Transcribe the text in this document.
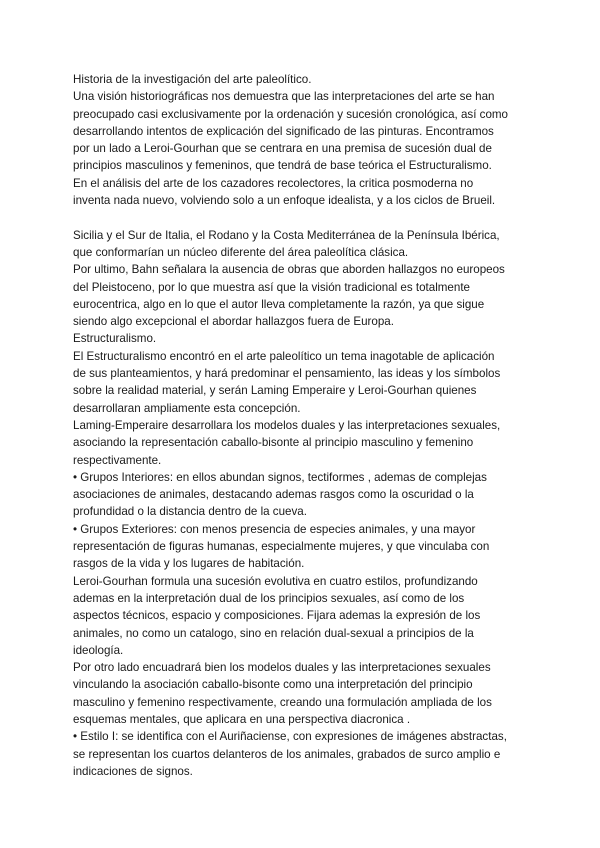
Historia de la investigación del arte paleolítico.
Una visión historiográficas nos demuestra que las interpretaciones del arte se han
preocupado casi exclusivamente por la ordenación y sucesión cronológica, así como
desarrollando intentos de explicación del significado de las pinturas. Encontramos
por un lado a Leroi-Gourhan que se centrara en una premisa de sucesión dual de
principios masculinos y femeninos, que tendrá de base teórica el Estructuralismo.
En el análisis del arte de los cazadores recolectores, la critica posmoderna no
inventa nada nuevo, volviendo solo a un enfoque idealista, y a los ciclos de Brueil.
Sicilia y el Sur de Italia, el Rodano y la Costa Mediterránea de la Península Ibérica,
que conformarían un núcleo diferente del área paleolítica clásica.
Por ultimo, Bahn señalara la ausencia de obras que aborden hallazgos no europeos
del Pleistoceno, por lo que muestra así que la visión tradicional es totalmente
eurocentrica, algo en lo que el autor lleva completamente la razón, ya que sigue
siendo algo excepcional el abordar hallazgos fuera de Europa.
Estructuralismo.
El Estructuralismo encontró en el arte paleolítico un tema inagotable de aplicación
de sus planteamientos, y hará predominar el pensamiento, las ideas y los símbolos
sobre la realidad material, y serán Laming Emperaire y Leroi-Gourhan quienes
desarrollaran ampliamente esta concepción.
Laming-Emperaire desarrollara los modelos duales y las interpretaciones sexuales,
asociando la representación caballo-bisonte al principio masculino y femenino
respectivamente.
• Grupos Interiores: en ellos abundan signos, tectiformes , ademas de complejas
asociaciones de animales, destacando ademas rasgos como la oscuridad o la
profundidad o la distancia dentro de la cueva.
• Grupos Exteriores: con menos presencia de especies animales, y una mayor
representación de figuras humanas, especialmente mujeres, y que vinculaba con
rasgos de la vida y los lugares de habitación.
Leroi-Gourhan formula una sucesión evolutiva en cuatro estilos, profundizando
ademas en la interpretación dual de los principios sexuales, así como de los
aspectos técnicos, espacio y composiciones. Fijara ademas la expresión de los
animales, no como un catalogo, sino en relación dual-sexual a principios de la
ideología.
Por otro lado encuadrará bien los modelos duales y las interpretaciones sexuales
vinculando la asociación caballo-bisonte como una interpretación del principio
masculino y femenino respectivamente, creando una formulación ampliada de los
esquemas mentales, que aplicara en una perspectiva diacronica .
• Estilo I: se identifica con el Auriñaciense, con expresiones de imágenes abstractas,
se representan los cuartos delanteros de los animales, grabados de surco amplio e
indicaciones de signos.
